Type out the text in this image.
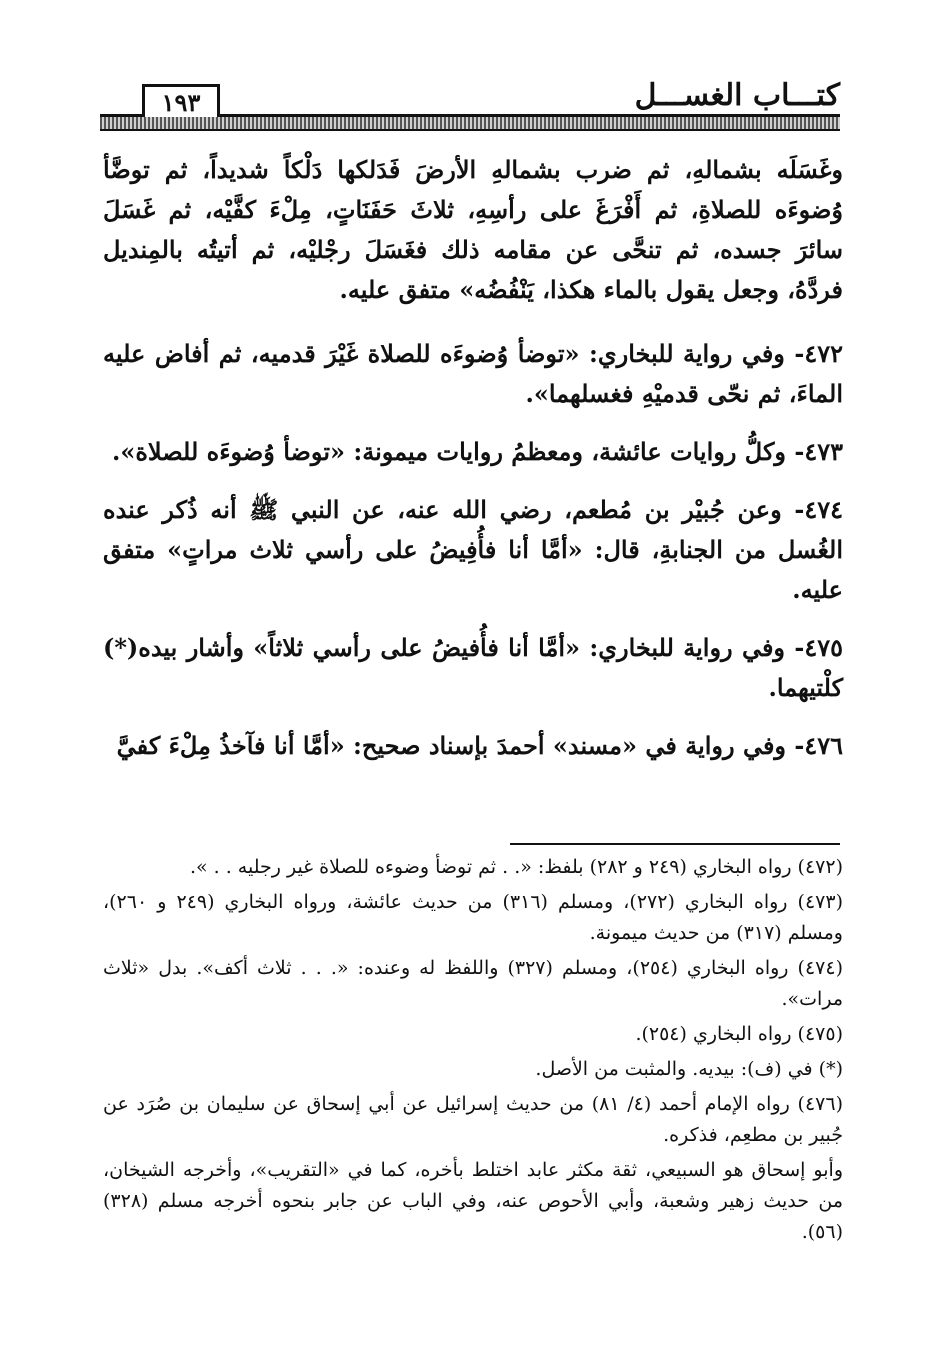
كتـــاب الغســـل
١٩٣

وغَسَلَه بشمالهِ، ثم ضرب بشمالهِ الأرضَ فَدَلكها دَلْكاً شديداً، ثم توضَّأ وُضوءَه للصلاةِ، ثم أَفْرَغَ على رأسِهِ، ثلاثَ حَفَنَاتٍ، مِلْءَ كفَّيْه، ثم غَسَلَ سائرَ جسده، ثم تنحَّى عن مقامه ذلك فغَسَلَ رجْليْه، ثم أتيتُه بالمِنديل فردَّهُ، وجعل يقول بالماء هكذا، يَنْفُضُه» متفق عليه.

٤٧٢- وفي رواية للبخاري: «توضأ وُضوءَه للصلاة غَيْرَ قدميه، ثم أفاض عليه الماءَ، ثم نحّى قدميْهِ فغسلهما».

٤٧٣- وكلُّ روايات عائشة، ومعظمُ روايات ميمونة: «توضأ وُضوءَه للصلاة».

٤٧٤- وعن جُبيْر بن مُطعم، رضي الله عنه، عن النبي ﷺ أنه ذُكر عنده الغُسل من الجنابةِ، قال: «أمَّا أنا فأُفِيضُ على رأسي ثلاث مراتٍ» متفق عليه.

٤٧٥- وفي رواية للبخاري: «أمَّا أنا فأُفيضُ على رأسي ثلاثاً» وأشار بيده(*) كلْتيهما.

٤٧٦- وفي رواية في «مسند» أحمدَ بإسناد صحيح: «أمَّا أنا فآخذُ مِلْءَ كفيَّ

(٤٧٢) رواه البخاري (٢٤٩ و ٢٨٢) بلفظ: «. . ثم توضأ وضوءه للصلاة غير رجليه . . ».

(٤٧٣) رواه البخاري (٢٧٢)، ومسلم (٣١٦) من حديث عائشة، ورواه البخاري (٢٤٩ و ٢٦٠)، ومسلم (٣١٧) من حديث ميمونة.

(٤٧٤) رواه البخاري (٢٥٤)، ومسلم (٣٢٧) واللفظ له وعنده: «. . . ثلاث أكف». بدل «ثلاث مرات».

(٤٧٥) رواه البخاري (٢٥٤).

(*) في (ف): بيديه. والمثبت من الأصل.

(٤٧٦) رواه الإمام أحمد (٤/ ٨١) من حديث إسرائيل عن أبي إسحاق عن سليمان بن صُرَد عن جُبير بن مطعِم، فذكره.

وأبو إسحاق هو السبيعي، ثقة مكثر عابد اختلط بأخره، كما في «التقريب»، وأخرجه الشيخان، من حديث زهير وشعبة، وأبي الأحوص عنه، وفي الباب عن جابر بنحوه أخرجه مسلم (٣٢٨) (٥٦).
